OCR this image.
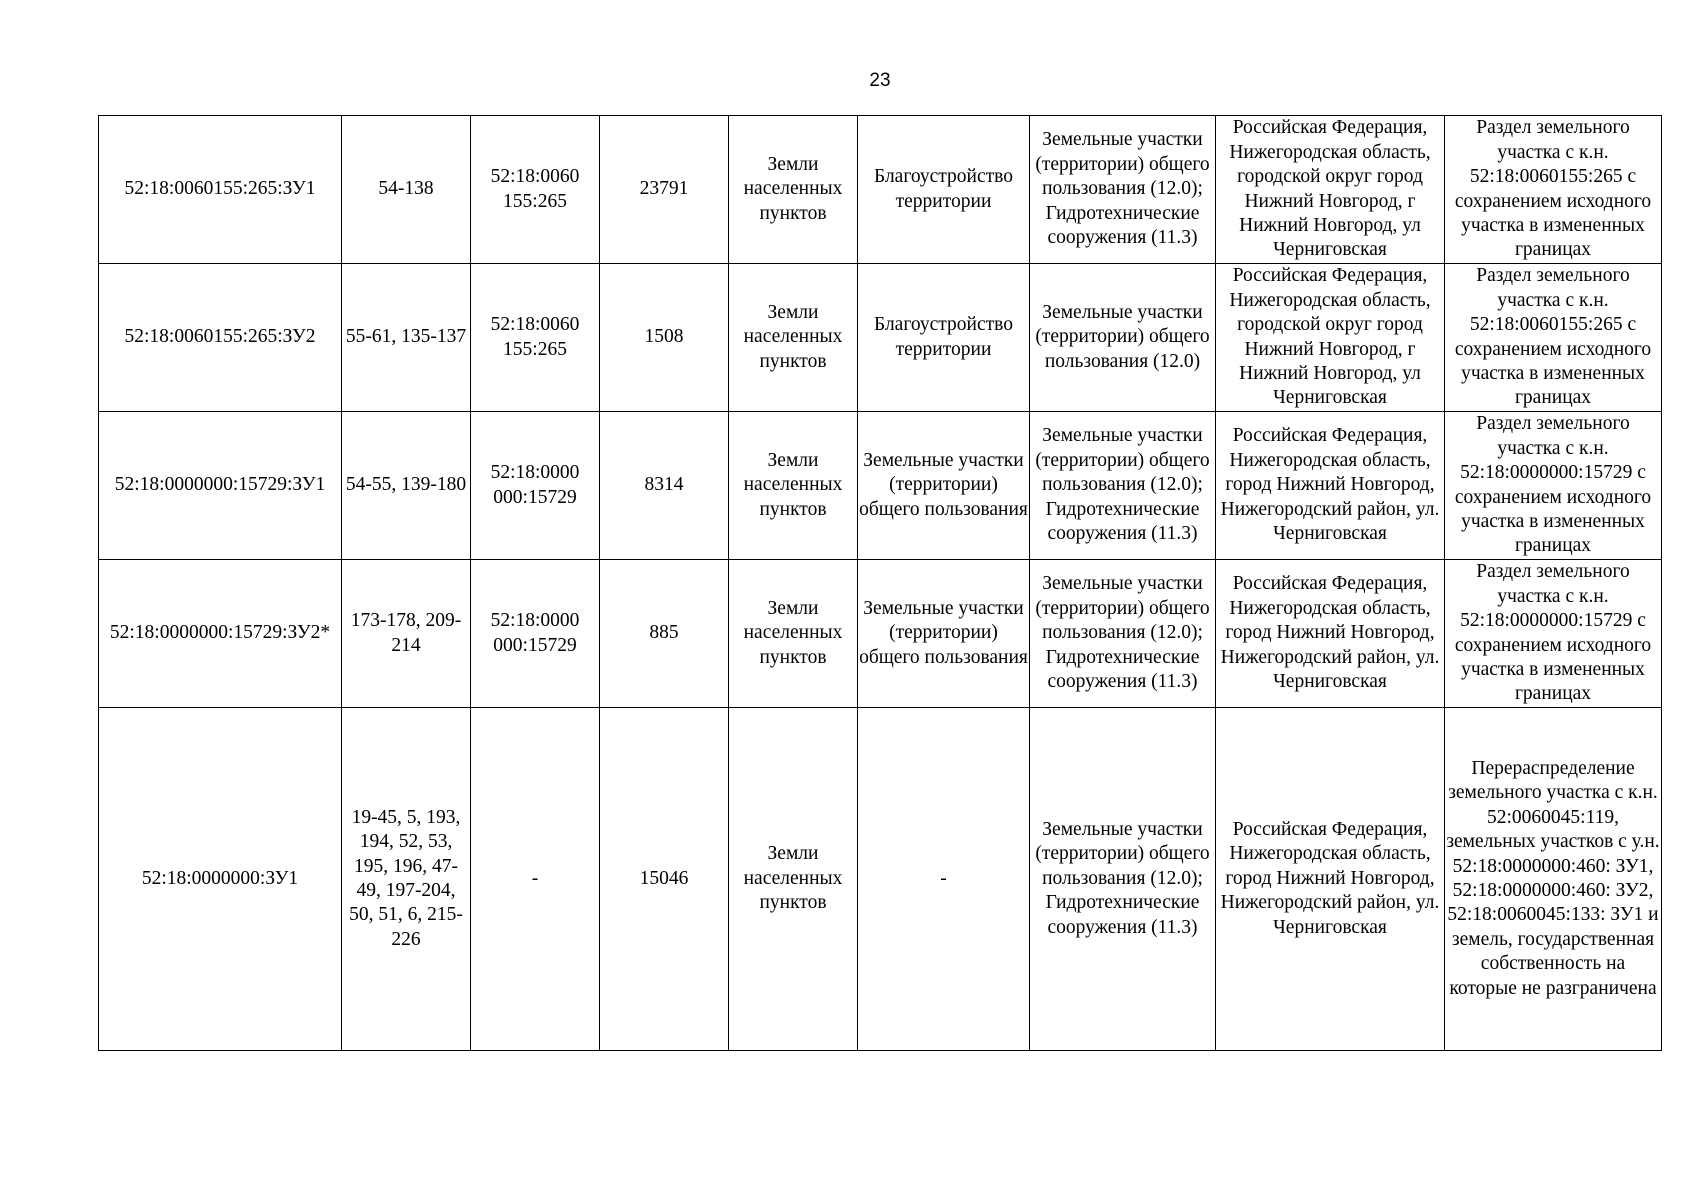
23
52:18:0060155:265:ЗУ1	54-138	52:18:0060 155:265	23791	Земли населенных пунктов	Благоустройство территории	Земельные участки (территории) общего пользования (12.0); Гидротехнические сооружения (11.3)	Российская Федерация, Нижегородская область, городской округ город Нижний Новгород, г Нижний Новгород, ул Черниговская	Раздел земельного участка с к.н. 52:18:0060155:265 с сохранением исходного участка в измененных границах
52:18:0060155:265:ЗУ2	55-61, 135-137	52:18:0060 155:265	1508	Земли населенных пунктов	Благоустройство территории	Земельные участки (территории) общего пользования (12.0)	Российская Федерация, Нижегородская область, городской округ город Нижний Новгород, г Нижний Новгород, ул Черниговская	Раздел земельного участка с к.н. 52:18:0060155:265 с сохранением исходного участка в измененных границах
52:18:0000000:15729:ЗУ1	54-55, 139-180	52:18:0000 000:15729	8314	Земли населенных пунктов	Земельные участки (территории) общего пользования	Земельные участки (территории) общего пользования (12.0); Гидротехнические сооружения (11.3)	Российская Федерация, Нижегородская область, город Нижний Новгород, Нижегородский район, ул. Черниговская	Раздел земельного участка с к.н. 52:18:0000000:15729 с сохранением исходного участка в измененных границах
52:18:0000000:15729:ЗУ2*	173-178, 209-214	52:18:0000 000:15729	885	Земли населенных пунктов	Земельные участки (территории) общего пользования	Земельные участки (территории) общего пользования (12.0); Гидротехнические сооружения (11.3)	Российская Федерация, Нижегородская область, город Нижний Новгород, Нижегородский район, ул. Черниговская	Раздел земельного участка с к.н. 52:18:0000000:15729 с сохранением исходного участка в измененных границах
52:18:0000000:ЗУ1	19-45, 5, 193, 194, 52, 53, 195, 196, 47-49, 197-204, 50, 51, 6, 215-226	-	15046	Земли населенных пунктов	-	Земельные участки (территории) общего пользования (12.0); Гидротехнические сооружения (11.3)	Российская Федерация, Нижегородская область, город Нижний Новгород, Нижегородский район, ул. Черниговская	Перераспределение земельного участка с к.н. 52:0060045:119, земельных участков с у.н. 52:18:0000000:460: ЗУ1, 52:18:0000000:460: ЗУ2, 52:18:0060045:133: ЗУ1 и земель, государственная собственность на которые не разграничена
